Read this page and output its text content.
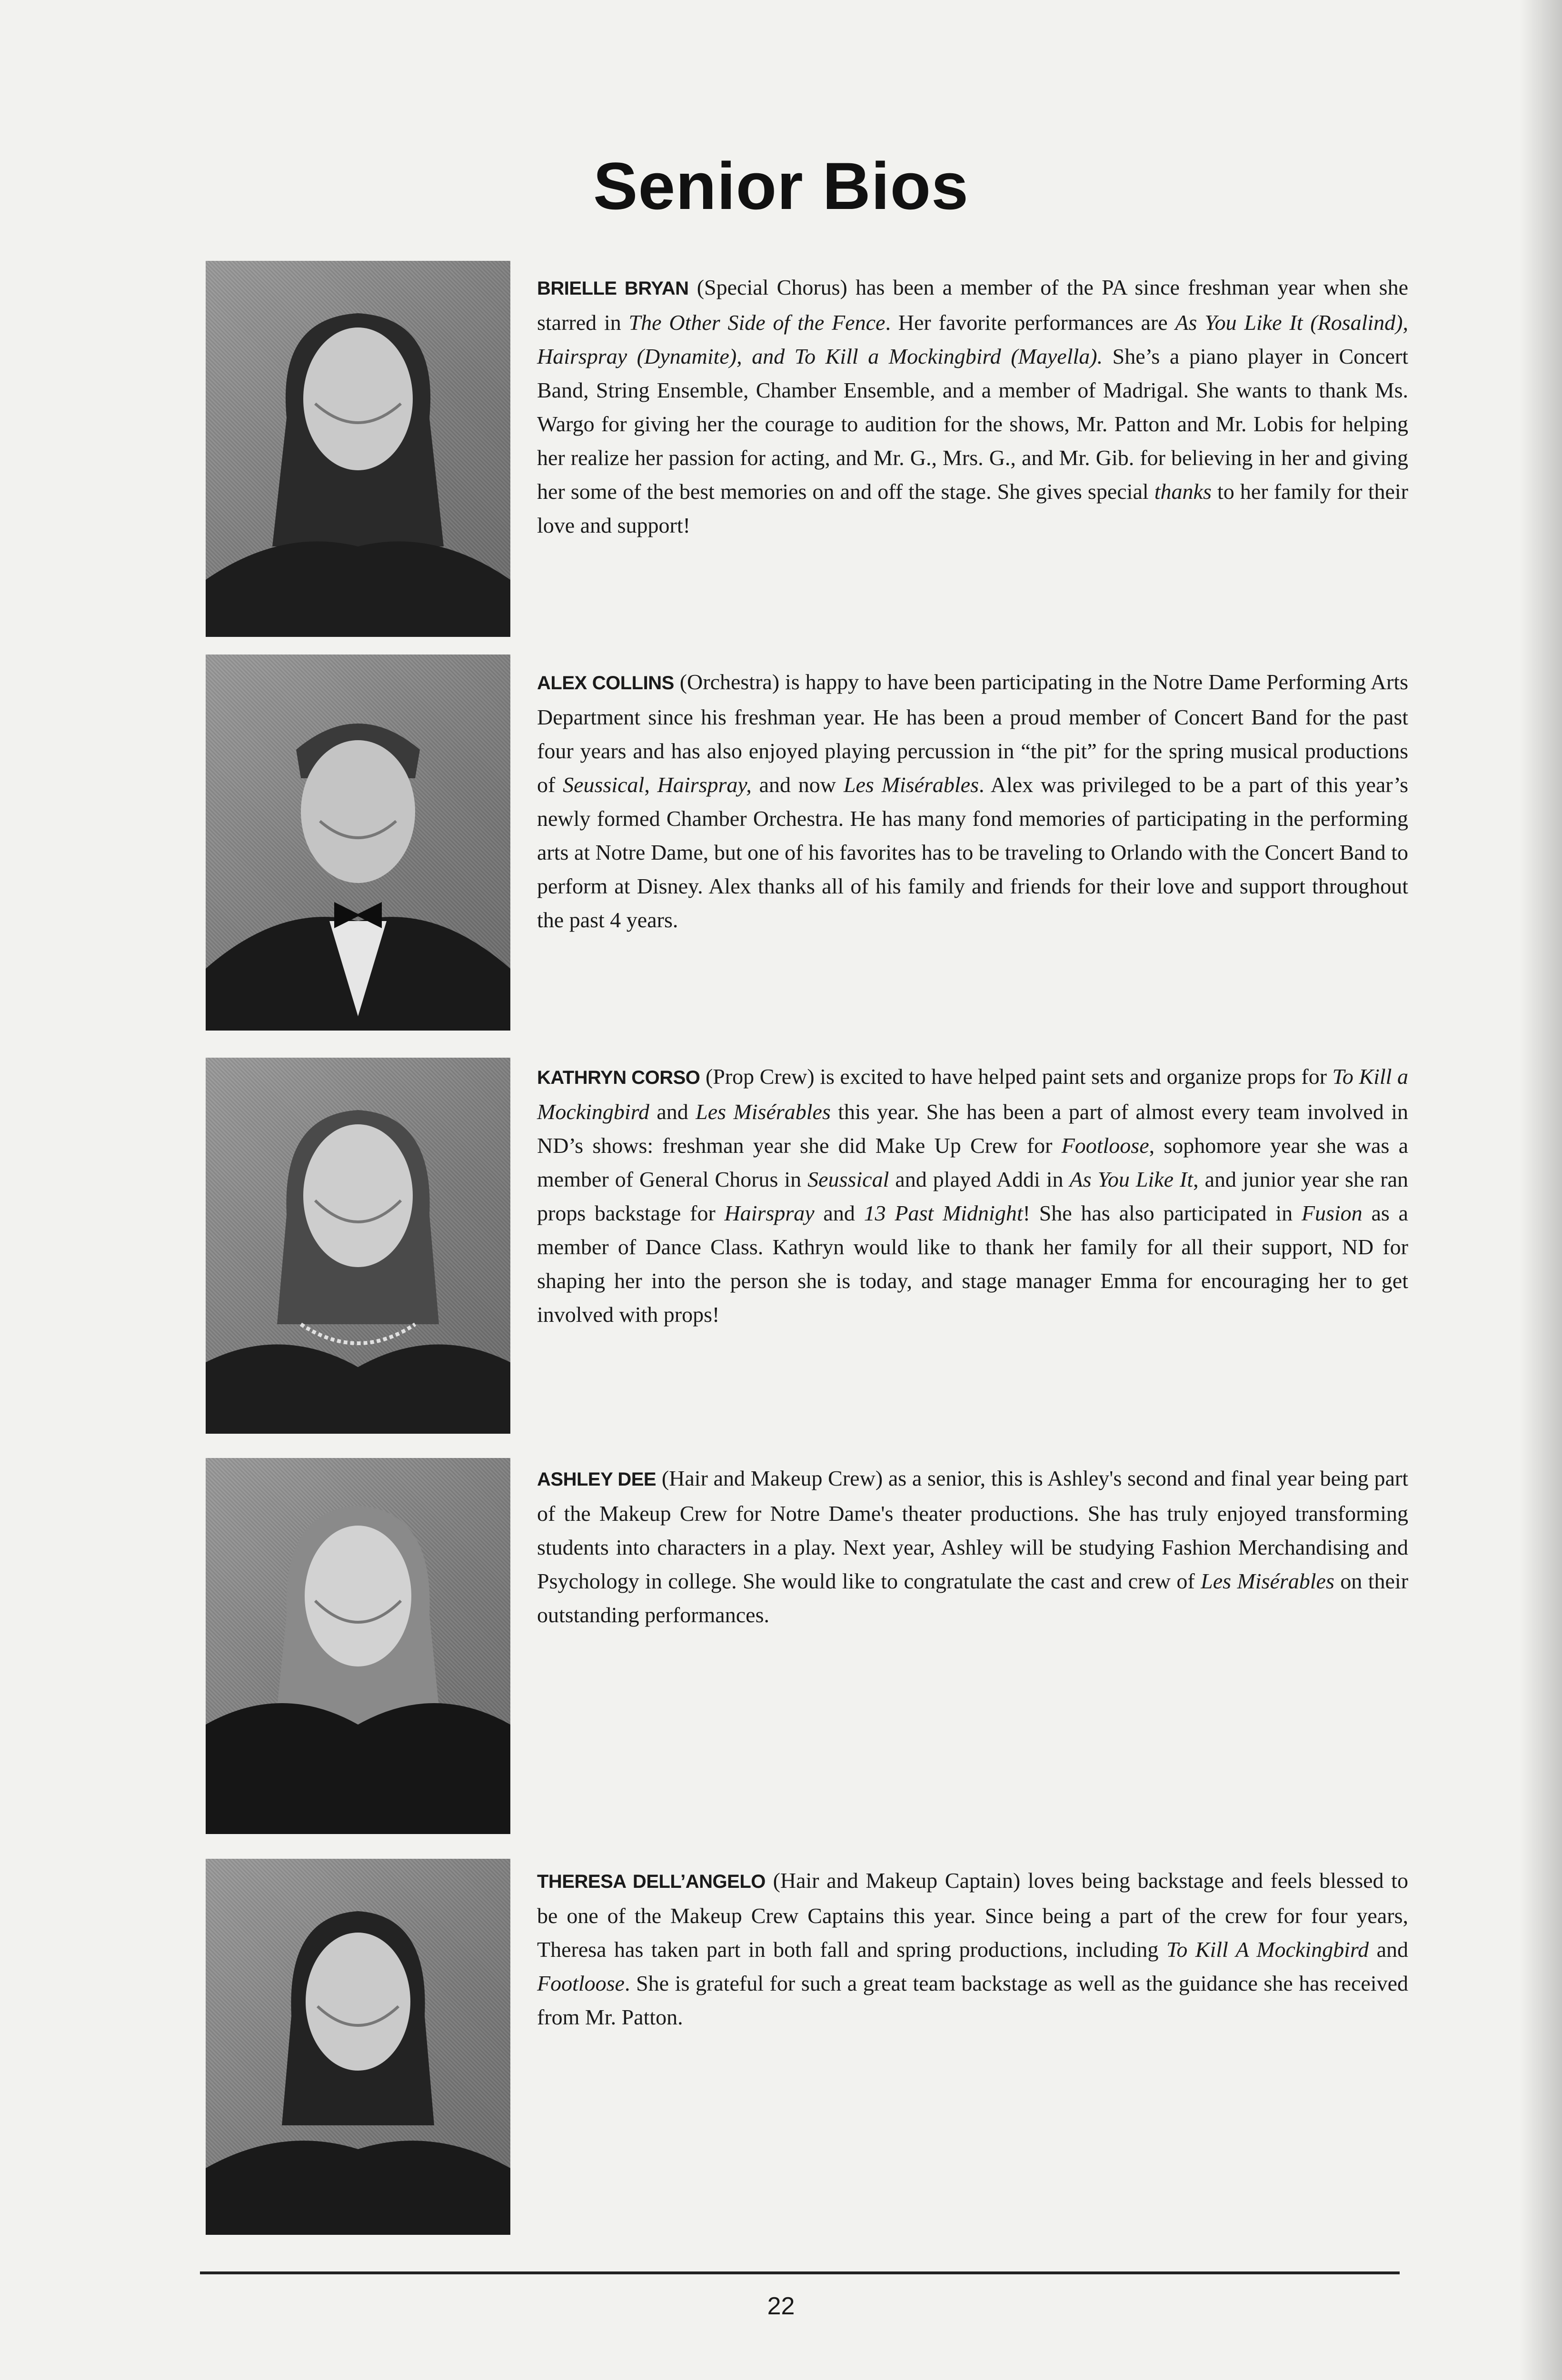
Senior Bios
BRIELLE BRYAN (Special Chorus) has been a member of the PA since freshman year when she starred in The Other Side of the Fence. Her favorite performances are As You Like It (Rosalind), Hairspray (Dynamite), and To Kill a Mockingbird (Mayella). She’s a piano player in Concert Band, String Ensemble, Chamber Ensemble, and a member of Madrigal. She wants to thank Ms. Wargo for giving her the courage to audition for the shows, Mr. Patton and Mr. Lobis for helping her realize her passion for acting, and Mr. G., Mrs. G., and Mr. Gib. for believing in her and giving her some of the best memories on and off the stage. She gives special thanks to her family for their love and support!
ALEX COLLINS (Orchestra) is happy to have been participating in the Notre Dame Performing Arts Department since his freshman year. He has been a proud member of Concert Band for the past four years and has also enjoyed playing percussion in “the pit” for the spring musical productions of Seussical, Hairspray, and now Les Misérables. Alex was privileged to be a part of this year’s newly formed Chamber Orchestra. He has many fond memories of participating in the performing arts at Notre Dame, but one of his favorites has to be traveling to Orlando with the Concert Band to perform at Disney. Alex thanks all of his family and friends for their love and support throughout the past 4 years.
KATHRYN CORSO (Prop Crew) is excited to have helped paint sets and organize props for To Kill a Mockingbird and Les Misérables this year. She has been a part of almost every team involved in ND’s shows: freshman year she did Make Up Crew for Footloose, sophomore year she was a member of General Chorus in Seussical and played Addi in As You Like It, and junior year she ran props backstage for Hairspray and 13 Past Midnight! She has also participated in Fusion as a member of Dance Class. Kathryn would like to thank her family for all their support, ND for shaping her into the person she is today, and stage manager Emma for encouraging her to get involved with props!
ASHLEY DEE (Hair and Makeup Crew) as a senior, this is Ashley's second and final year being part of the Makeup Crew for Notre Dame's theater productions. She has truly enjoyed transforming students into characters in a play. Next year, Ashley will be studying Fashion Merchandising and Psychology in college. She would like to congratulate the cast and crew of Les Misérables on their outstanding performances.
THERESA DELL’ANGELO (Hair and Makeup Captain) loves being backstage and feels blessed to be one of the Makeup Crew Captains this year. Since being a part of the crew for four years, Theresa has taken part in both fall and spring productions, including To Kill A Mockingbird and Footloose. She is grateful for such a great team backstage as well as the guidance she has received from Mr. Patton.
22
